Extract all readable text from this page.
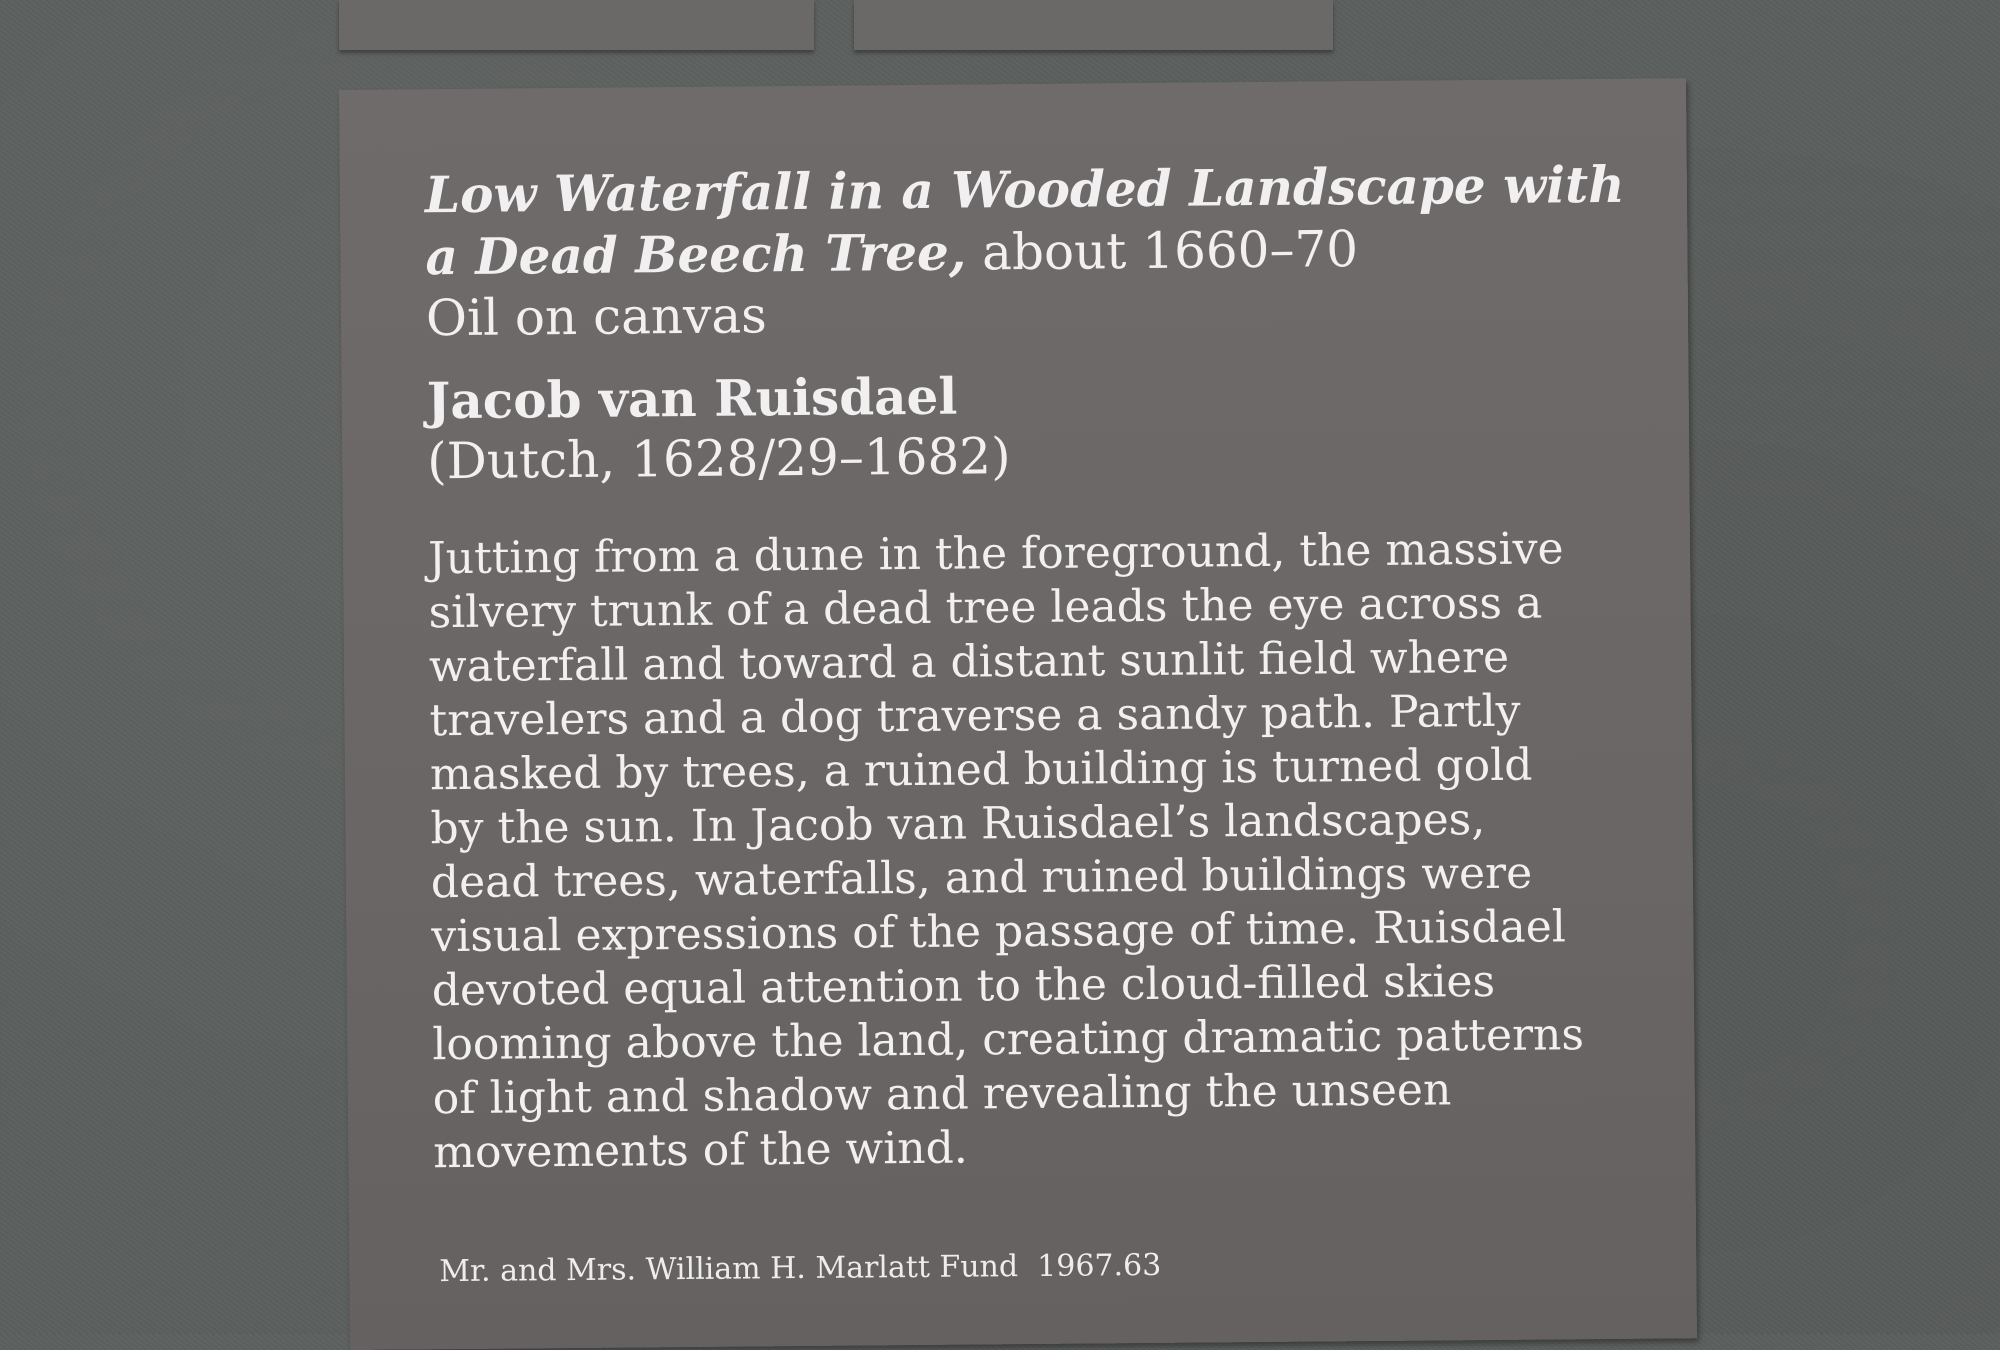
Low Waterfall in a Wooded Landscape with a Dead Beech Tree, about 1660–70
Oil on canvas
Jacob van Ruisdael
(Dutch, 1628/29–1682)
Jutting from a dune in the foreground, the massive
silvery trunk of a dead tree leads the eye across a
waterfall and toward a distant sunlit field where
travelers and a dog traverse a sandy path. Partly
masked by trees, a ruined building is turned gold
by the sun. In Jacob van Ruisdael’s landscapes,
dead trees, waterfalls, and ruined buildings were
visual expressions of the passage of time. Ruisdael
devoted equal attention to the cloud-filled skies
looming above the land, creating dramatic patterns
of light and shadow and revealing the unseen
movements of the wind.
Mr. and Mrs. William H. Marlatt Fund 1967.63
